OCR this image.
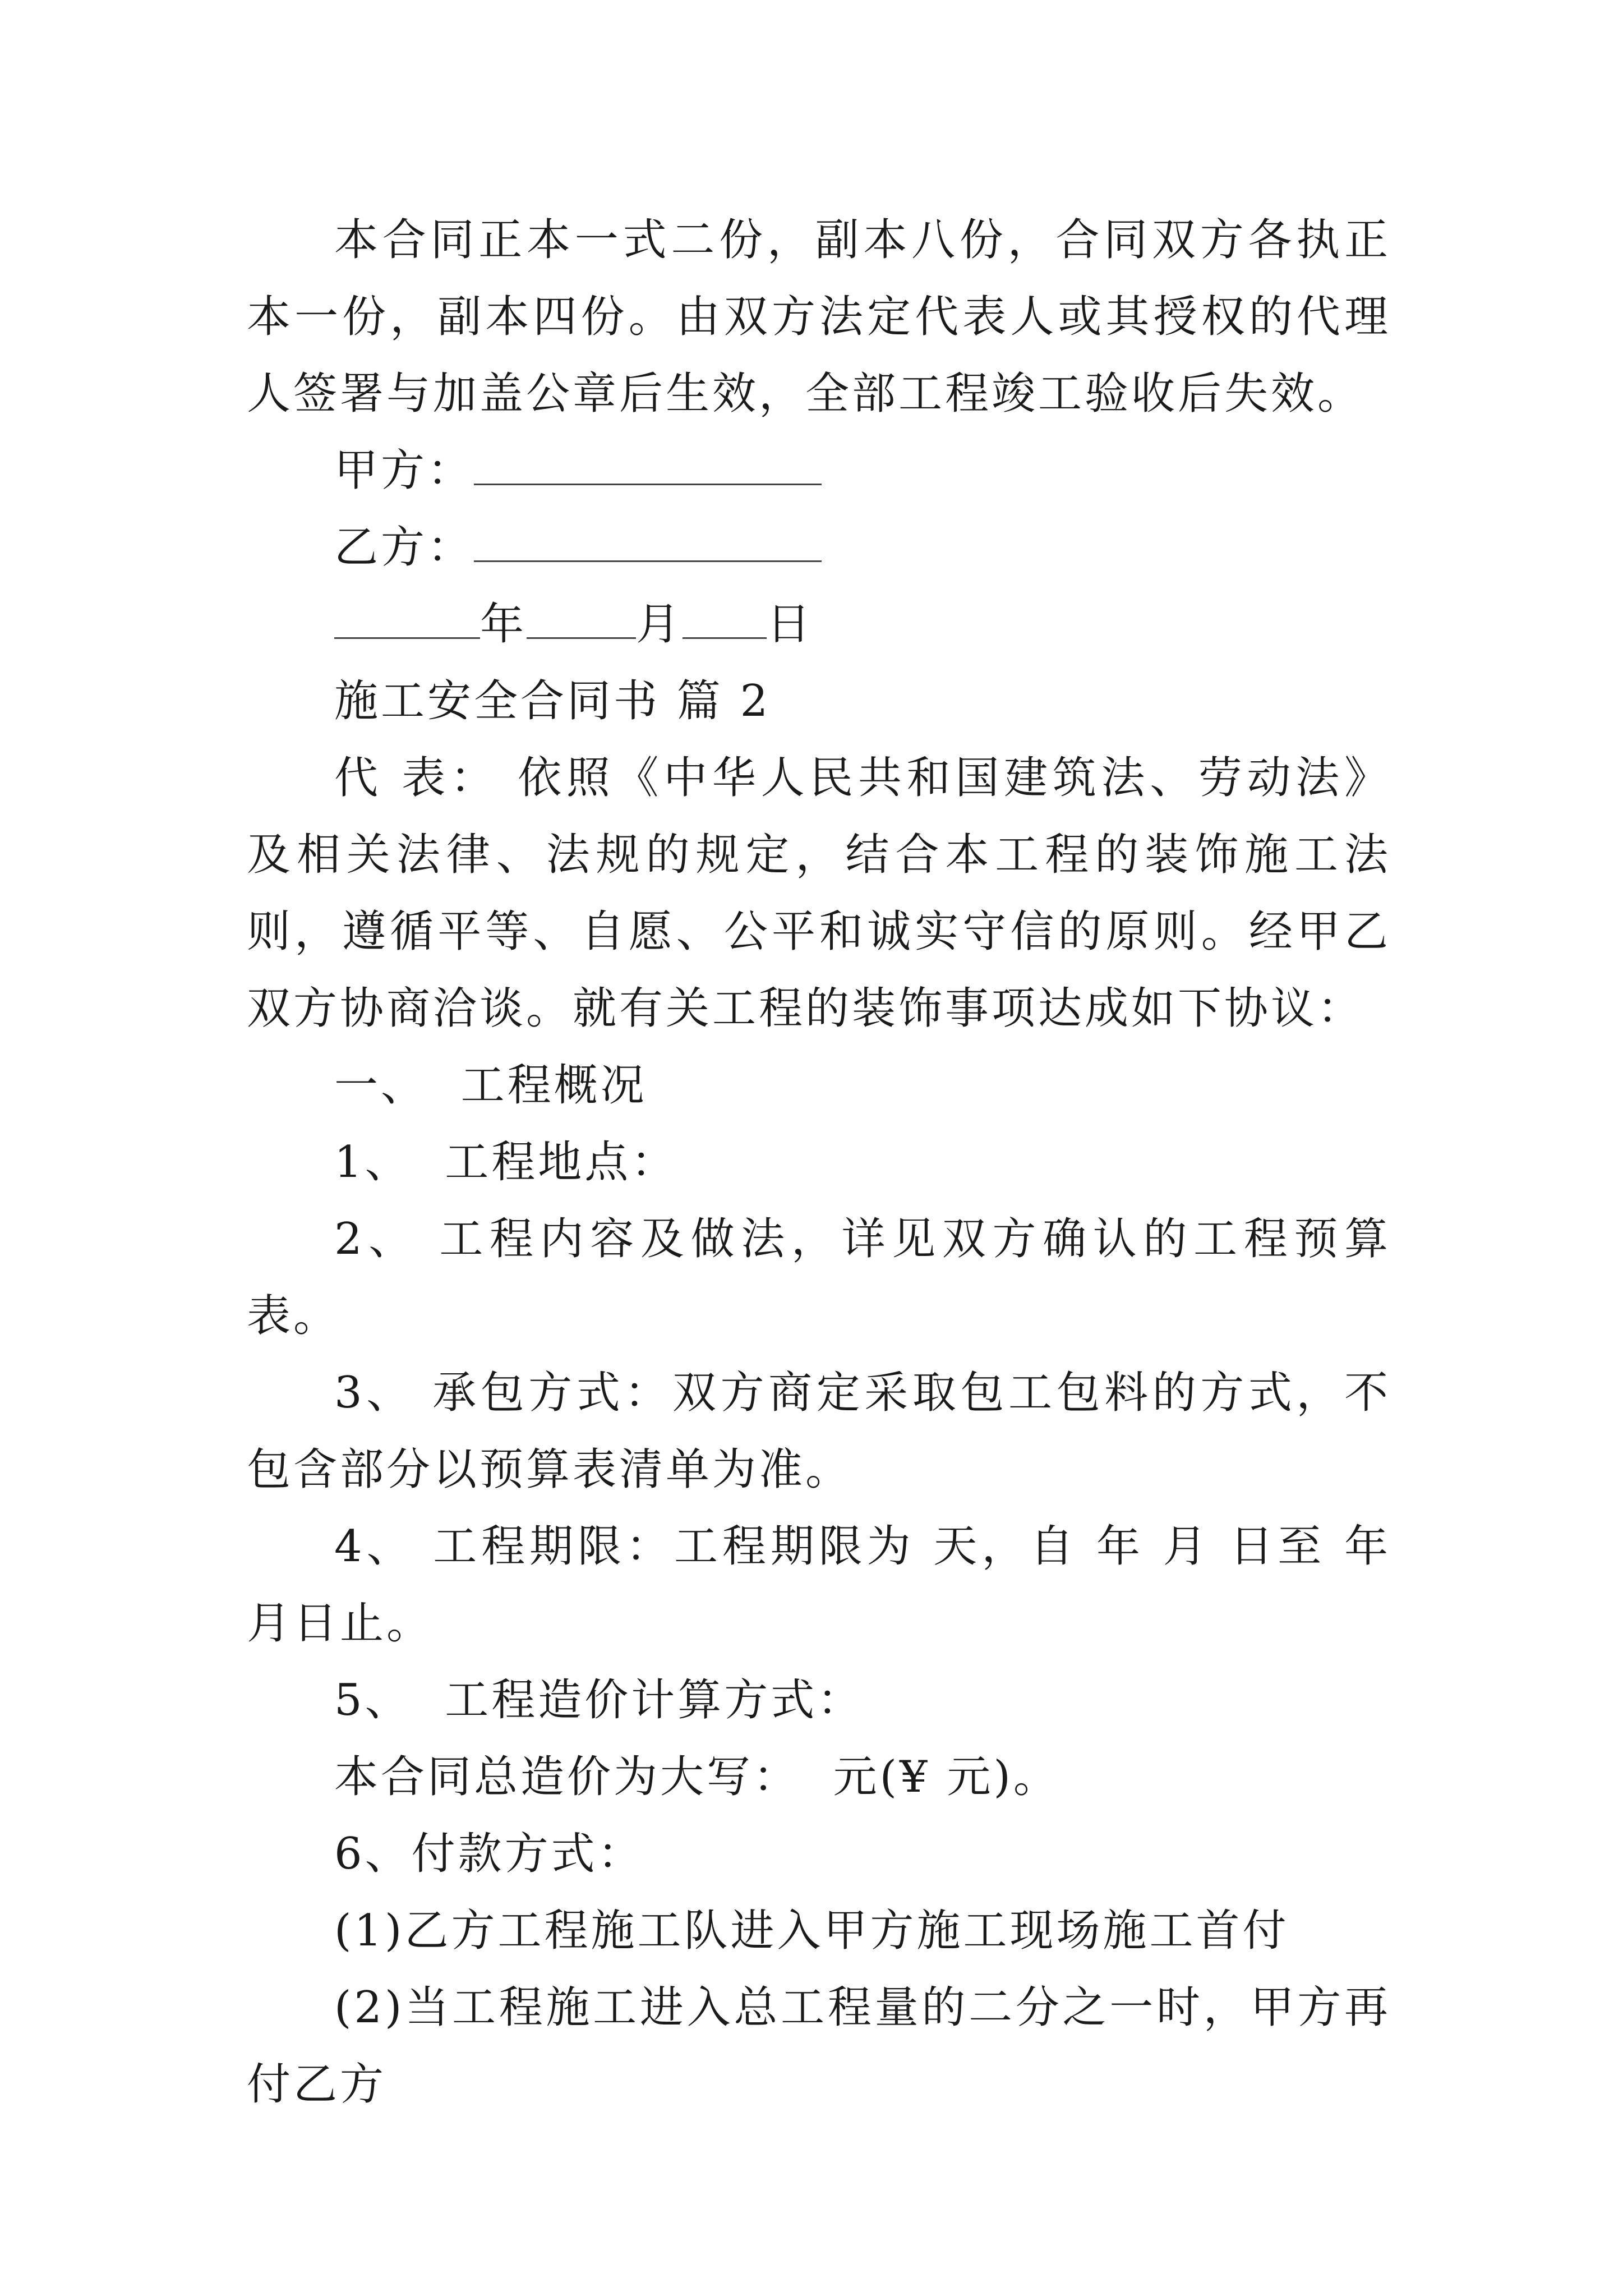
本合同正本一式二份，副本八份，合同双方各执正本一份，副本四份。由双方法定代表人或其授权的代理人签署与加盖公章后生效，全部工程竣工验收后失效。

甲方：

乙方：

年	月 日

施工安全合同书 篇 2

代 表： 依照《中华人民共和国建筑法、劳动法》及相关法律、法规的规定，结合本工程的装饰施工法则，遵循平等、自愿、公平和诚实守信的原则。经甲乙双方协商洽谈。就有关工程的装饰事项达成如下协议：

一、  工程概况

1、  工程地点：

2、 工程内容及做法，详见双方确认的工程预算表。

3、 承包方式：双方商定采取包工包料的方式，不包含部分以预算表清单为准。

4、 工程期限：工程期限为 天，自 年 月 日至 年 月日止。

5、  工程造价计算方式：

本合同总造价为大写：  元(¥ 元)。

6、付款方式：

(1)乙方工程施工队进入甲方施工现场施工首付

(2)当工程施工进入总工程量的二分之一时，甲方再付乙方
